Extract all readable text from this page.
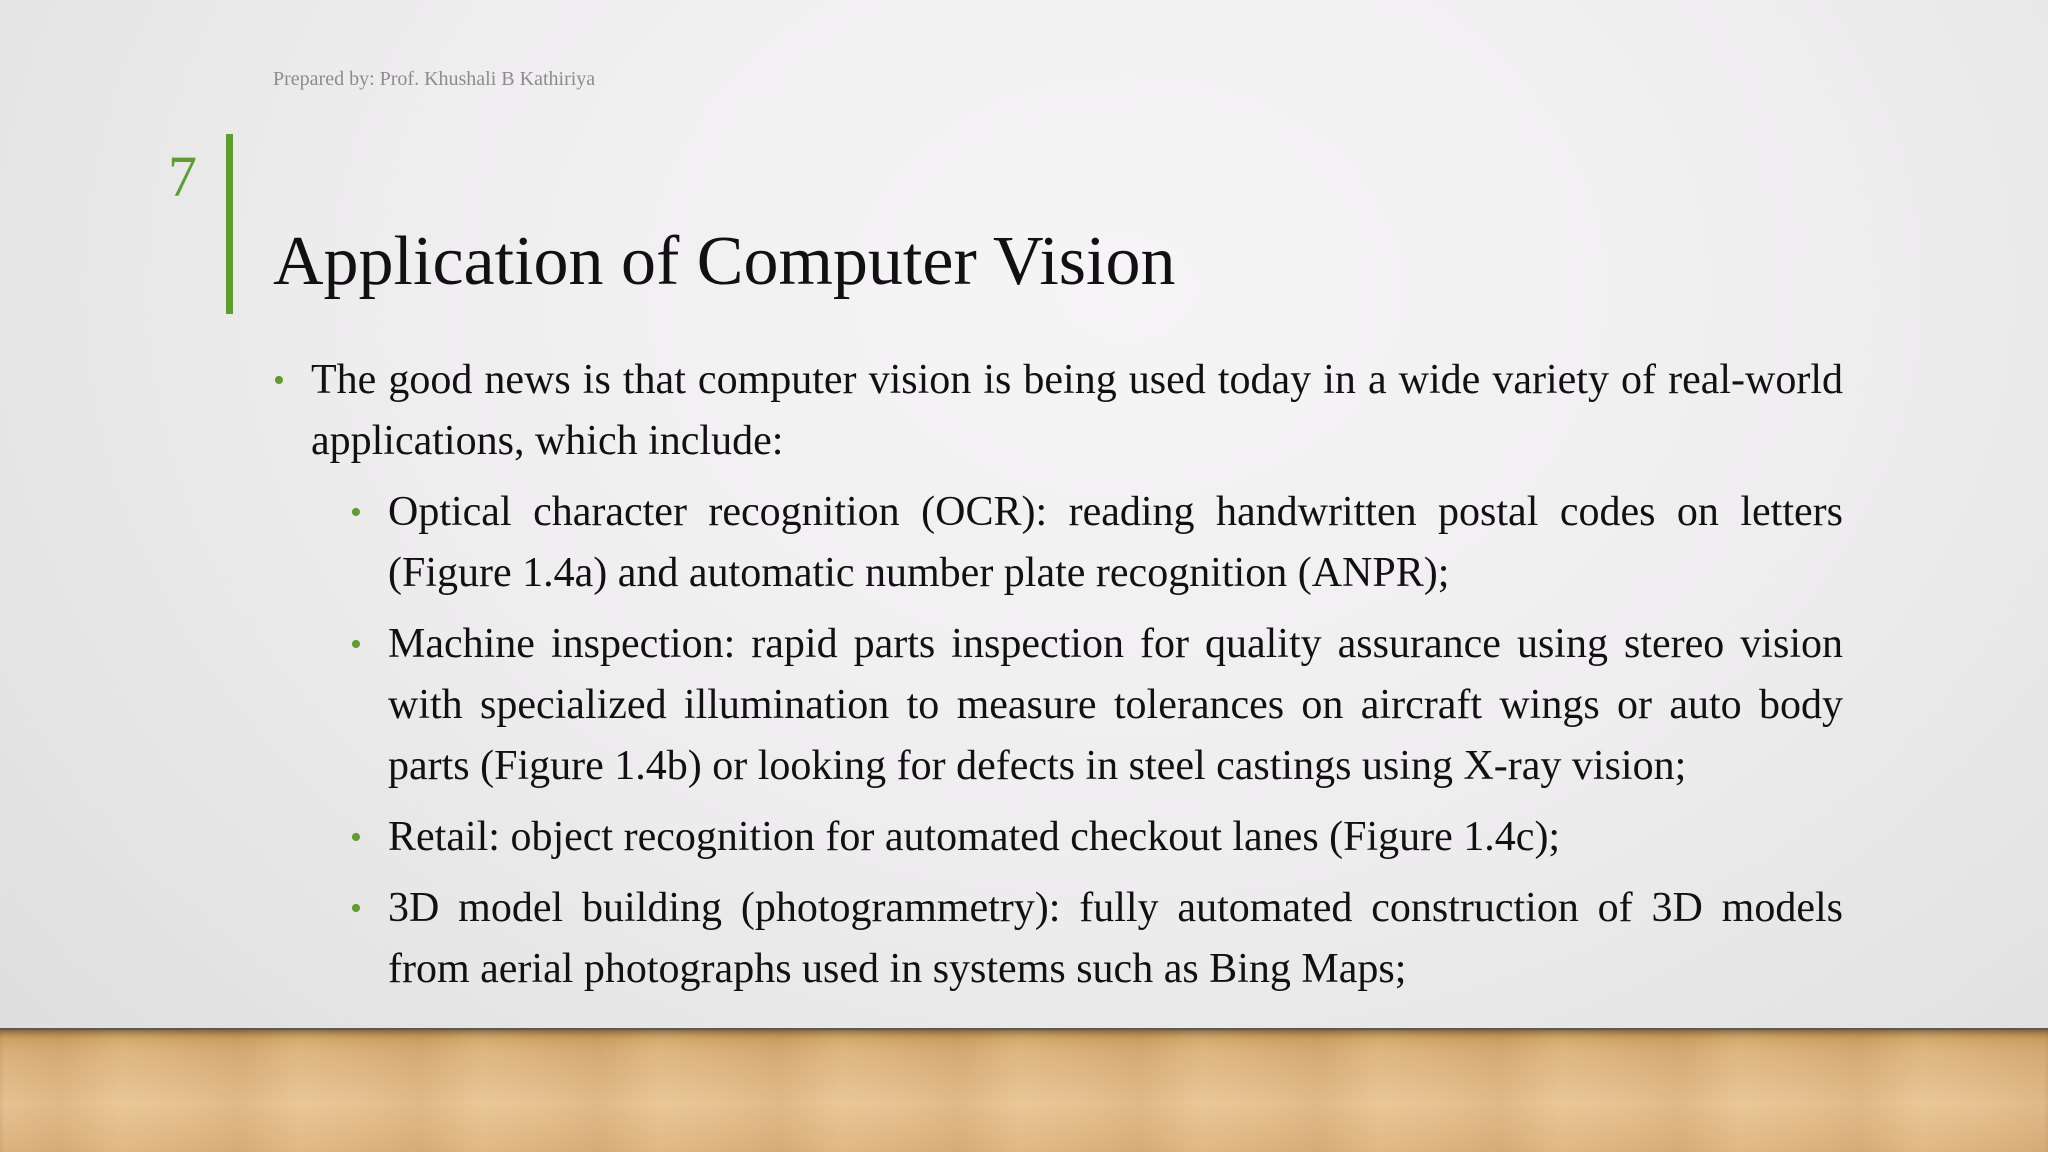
Prepared by: Prof. Khushali B Kathiriya
7
Application of Computer Vision
•
The good news is that computer vision is being used today in a wide variety of real-world applications, which include:
•
Optical character recognition (OCR): reading handwritten postal codes on letters (Figure 1.4a) and automatic number plate recognition (ANPR);
•
Machine inspection: rapid parts inspection for quality assurance using stereo vision with specialized illumination to measure tolerances on aircraft wings or auto body parts (Figure 1.4b) or looking for defects in steel castings using X-ray vision;
•
Retail: object recognition for automated checkout lanes (Figure 1.4c);
•
3D model building (photogrammetry): fully automated construction of 3D models from aerial photographs used in systems such as Bing Maps;
